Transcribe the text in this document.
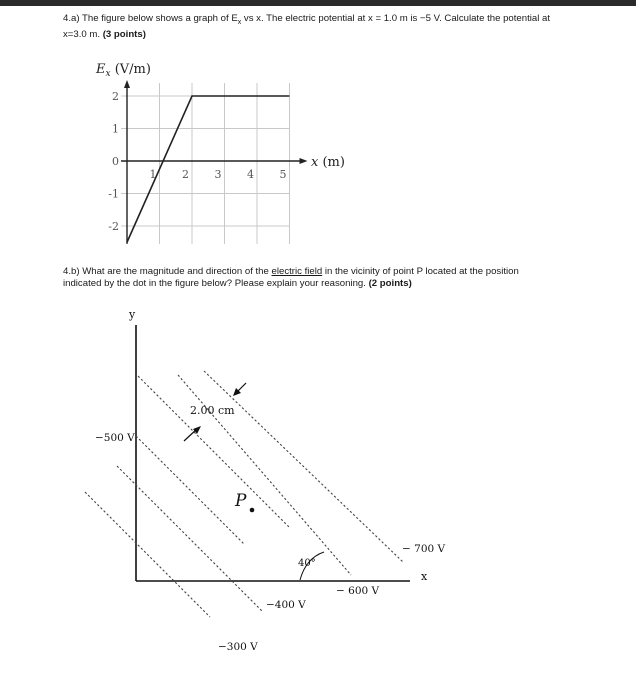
4.a) The figure below shows a graph of $E_x$ vs x. The electric potential at x = 1.0 m is −5 V. Calculate the potential at
x=3.0 m. (3 points)
$E_x$ (V/m)
x (m)
2
1
0
-1
-2
1 2 3 4 5
4.b) What are the magnitude and direction of the electric field in the vicinity of point P located at the position
indicated by the dot in the figure below? Please explain your reasoning. (2 points)
y
x
2.00 cm
P
40°
−500 V
−300 V
−400 V
− 600 V
− 700 V
